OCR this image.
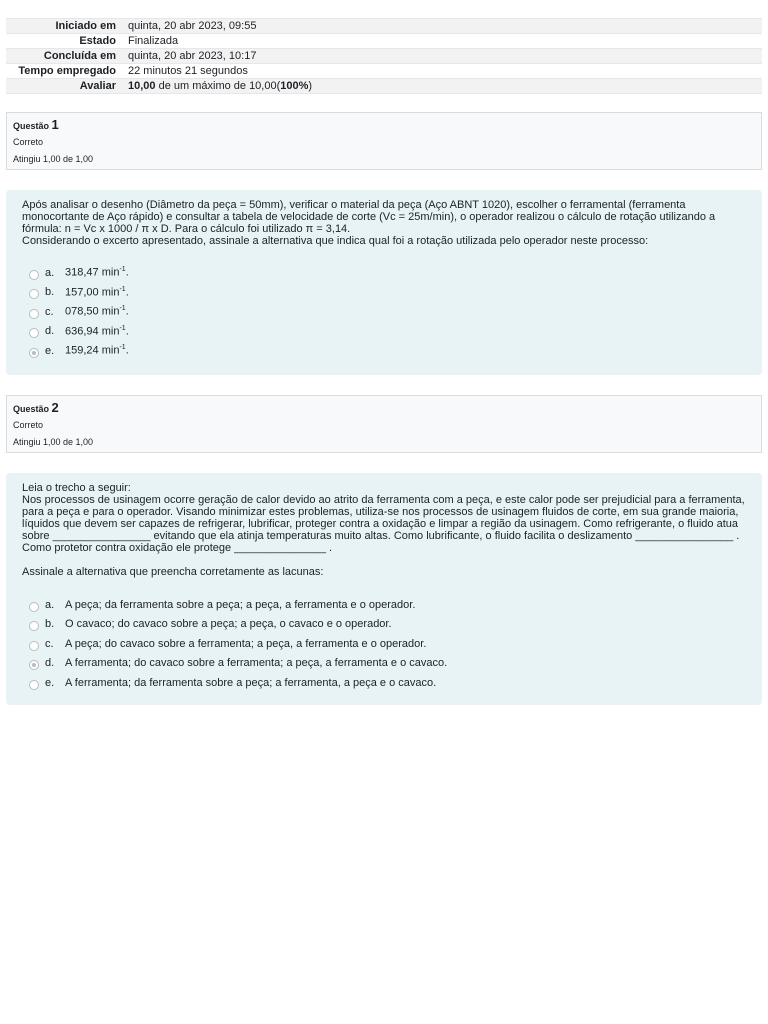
Iniciado em	quinta, 20 abr 2023, 09:55
Estado	Finalizada
Concluída em	quinta, 20 abr 2023, 10:17
Tempo empregado	22 minutos 21 segundos
Avaliar	10,00 de um máximo de 10,00(100%)
Questão 1
Correto
Atingiu 1,00 de 1,00

Após analisar o desenho (Diâmetro da peça = 50mm), verificar o material da peça (Aço ABNT 1020), escolher o ferramental (ferramenta monocortante de Aço rápido) e consultar a tabela de velocidade de corte (Vc = 25m/min), o operador realizou o cálculo de rotação utilizando a fórmula: n = Vc x 1000 / π x D. Para o cálculo foi utilizado π = 3,14.

Considerando o excerto apresentado, assinale a alternativa que indica qual foi a rotação utilizada pelo operador neste processo:

a. 318,47 $\min^{-1}$.
b. 157,00 $\min^{-1}$.
c.	078,50 $\min^{-1}$.
d. 636,94 $\min^{-1}$.
e. 159,24 $\min^{-1}$.
Questão 2
Correto
Atingiu 1,00 de 1,00

Leia o trecho a seguir:

Nos processos de usinagem ocorre geração de calor devido ao atrito da ferramenta com a peça, e este calor pode ser prejudicial para a ferramenta, para a peça e para o operador. Visando minimizar estes problemas, utiliza-se nos processos de usinagem fluidos de corte, em sua grande maioria, líquidos que devem ser capazes de refrigerar, lubrificar, proteger contra a oxidação e limpar a região da usinagem. Como refrigerante, o fluido atua sobre ________________ evitando que ela atinja temperaturas muito altas. Como lubrificante, o fluido facilita o deslizamento ________________ . Como protetor contra oxidação ele protege _______________ .

Assinale a alternativa que preencha corretamente as lacunas:

a. A peça; da ferramenta sobre a peça; a peça, a ferramenta e o operador.
b. O cavaco; do cavaco sobre a peça; a peça, o cavaco e o operador.
c.	A peça; do cavaco sobre a ferramenta; a peça, a ferramenta e o operador.
d. A ferramenta; do cavaco sobre a ferramenta; a peça, a ferramenta e o cavaco.
e. A ferramenta; da ferramenta sobre a peça; a ferramenta, a peça e o cavaco.
